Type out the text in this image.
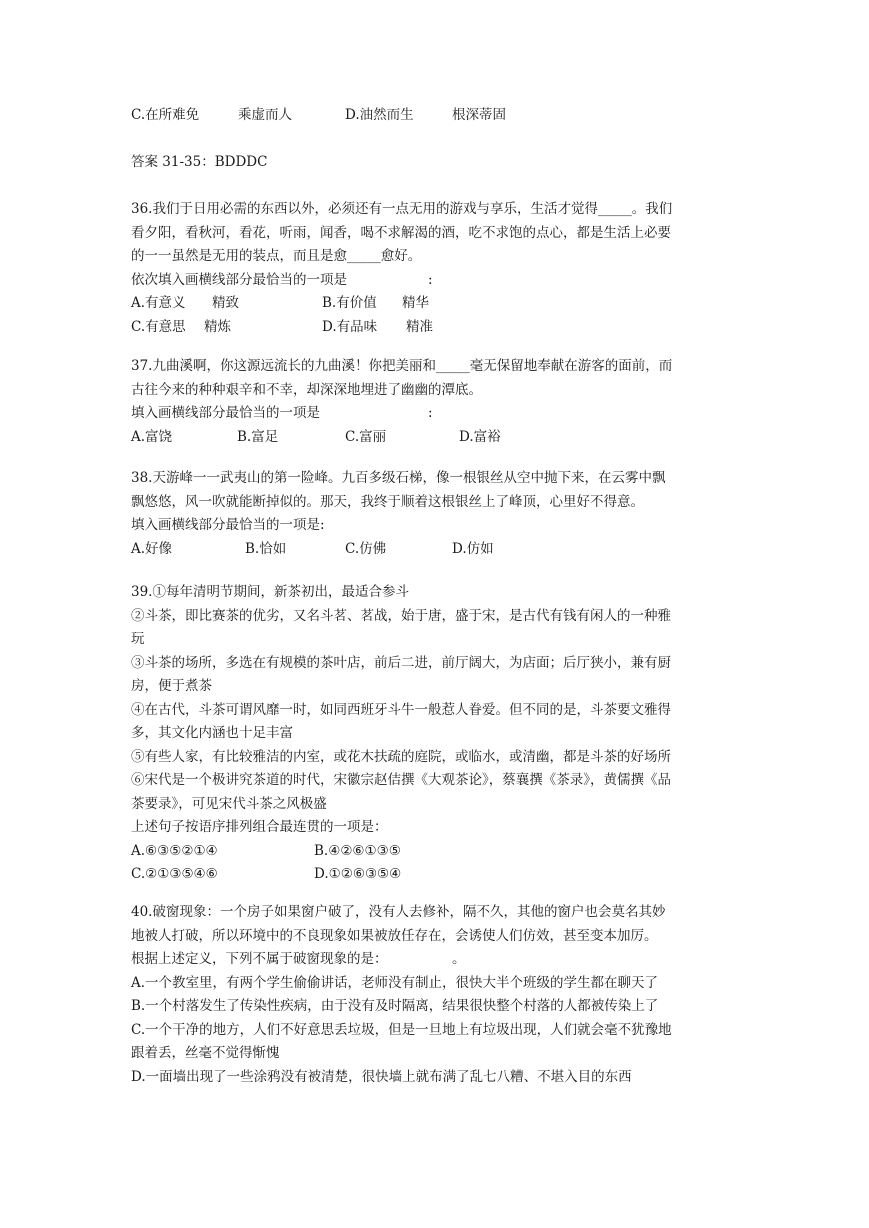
C.在所难免	乘虚而人	D.油然而生	根深蒂固
答案 31-35：BDDDC
36.我们于日用必需的东西以外，必须还有一点无用的游戏与享乐，生活才觉得_____。我们
看夕阳，看秋河，看花，听雨，闻香，喝不求解渴的酒，吃不求饱的点心，都是生活上必要
的一一虽然是无用的装点，而且是愈_____愈好。
依次填入画横线部分最恰当的一项是	:
A.有意义 精致	B.有价值 精华
C.有意思 精炼	D.有品味 精准
37.九曲溪啊，你这源远流长的九曲溪！你把美丽和_____毫无保留地奉献在游客的面前，而
古往今来的种种艰辛和不幸，却深深地埋进了幽幽的潭底。
填入画横线部分最恰当的一项是	:
A.富饶	B.富足	C.富丽	D.富裕
38.天游峰一一武夷山的第一险峰。九百多级石梯，像一根银丝从空中抛下来，在云雾中飘
飘悠悠，风一吹就能断掉似的。那天，我终于顺着这根银丝上了峰顶，心里好不得意。
填入画横线部分最恰当的一项是:
A.好像	B.恰如	C.仿佛	D.仿如
39.①每年清明节期间，新茶初出，最适合参斗
②斗茶，即比赛茶的优劣，又名斗茗、茗战，始于唐，盛于宋，是古代有钱有闲人的一种雅
玩
③斗茶的场所，多选在有规模的茶叶店，前后二进，前厅阔大，为店面；后厅狭小，兼有厨
房，便于煮茶
④在古代，斗茶可谓风靡一时，如同西班牙斗牛一般惹人眷爱。但不同的是，斗茶要文雅得
多，其文化内涵也十足丰富
⑤有些人家，有比较雅洁的内室，或花木扶疏的庭院，或临水，或清幽，都是斗茶的好场所
⑥宋代是一个极讲究茶道的时代，宋徽宗赵佶撰《大观茶论》，蔡襄撰《茶录》，黄儒撰《品
茶要录》，可见宋代斗茶之风极盛
上述句子按语序排列组合最连贯的一项是：
A.⑥③⑤②①④	B.④②⑥①③⑤
C.②①③⑤④⑥	D.①②⑥③⑤④
40.破窗现象：一个房子如果窗户破了，没有人去修补，隔不久，其他的窗户也会莫名其妙
地被人打破，所以环境中的不良现象如果被放任存在，会诱使人们仿效，甚至变本加厉。
根据上述定义，下列不属于破窗现象的是：	。
A.一个教室里，有两个学生偷偷讲话，老师没有制止，很快大半个班级的学生都在聊天了
B.一个村落发生了传染性疾病，由于没有及时隔离，结果很快整个村落的人都被传染上了
C.一个干净的地方，人们不好意思丢垃圾，但是一旦地上有垃圾出现，人们就会毫不犹豫地
跟着丢，丝毫不觉得惭愧
D.一面墙出现了一些涂鸦没有被清楚，很快墙上就布满了乱七八糟、不堪入目的东西
